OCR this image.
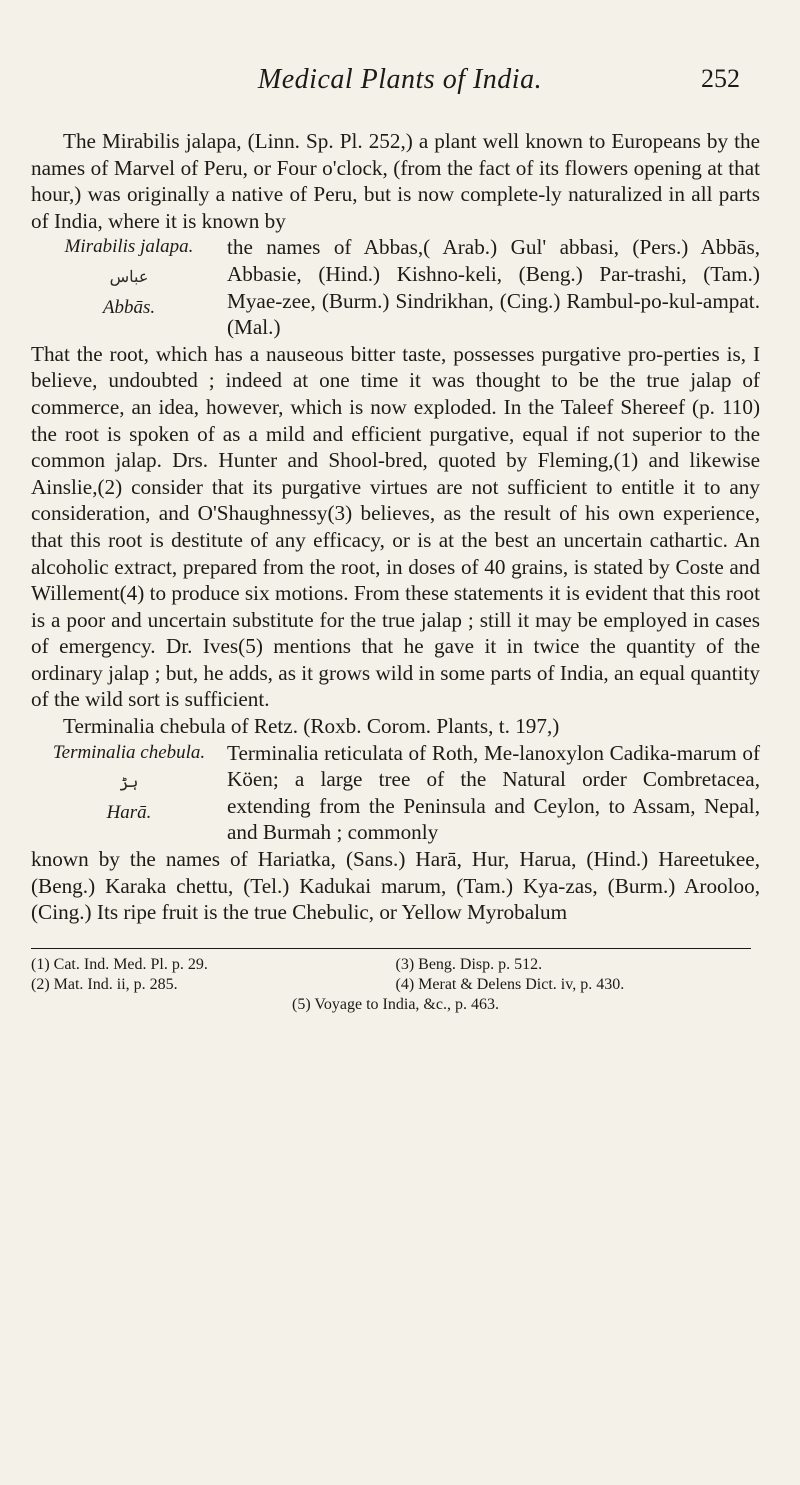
Medical Plants of India.	252

The Mirabilis jalapa, (Linn. Sp. Pl. 252,) a plant well known to Europeans by the names of Marvel of Peru, or Four o'clock, (from the fact of its flowers opening at that hour,) was originally a native of Peru, but is now complete-ly naturalized in all parts of India, where it is known by

Mirabilis jalapa.
عباس
Abbās.
the names of Abbas,( Arab.) Gul' abbasi, (Pers.) Abbās, Abbasie, (Hind.) Kishno-keli, (Beng.) Par-trashi, (Tam.) Myae-zee, (Burm.) Sindrikhan, (Cing.) Rambul-po-kul-ampat. (Mal.)

That the root, which has a nauseous bitter taste, possesses purgative pro-perties is, I believe, undoubted ; indeed at one time it was thought to be the true jalap of commerce, an idea, however, which is now exploded. In the Taleef Shereef (p. 110) the root is spoken of as a mild and efficient purgative, equal if not superior to the common jalap. Drs. Hunter and Shool-bred, quoted by Fleming,(1) and likewise Ainslie,(2) consider that its purgative virtues are not sufficient to entitle it to any consideration, and O'Shaughnessy(3) believes, as the result of his own experience, that this root is destitute of any efficacy, or is at the best an uncertain cathartic. An alcoholic extract, prepared from the root, in doses of 40 grains, is stated by Coste and Willement(4) to produce six motions. From these statements it is evident that this root is a poor and uncertain substitute for the true jalap ; still it may be employed in cases of emergency. Dr. Ives(5) mentions that he gave it in twice the quantity of the ordinary jalap ; but, he adds, as it grows wild in some parts of India, an equal quantity of the wild sort is sufficient.

Terminalia chebula of Retz. (Roxb. Corom. Plants, t. 197,)

Terminalia chebula.
ہڑ
Harā.
Terminalia reticulata of Roth, Me-lanoxylon Cadika-marum of Köen; a large tree of the Natural order Combretacea, extending from the Peninsula and Ceylon, to Assam, Nepal, and Burmah ; commonly

known by the names of Hariatka, (Sans.) Harā, Hur, Harua, (Hind.) Hareetukee, (Beng.) Karaka chettu, (Tel.) Kadukai marum, (Tam.) Kya-zas, (Burm.) Arooloo, (Cing.) Its ripe fruit is the true Chebulic, or Yellow Myrobalum

(1) Cat. Ind. Med. Pl. p. 29.	(3) Beng. Disp. p. 512.
(2) Mat. Ind. ii, p. 285.	(4) Merat & Delens Dict. iv, p. 430.
(5) Voyage to India, &c., p. 463.
